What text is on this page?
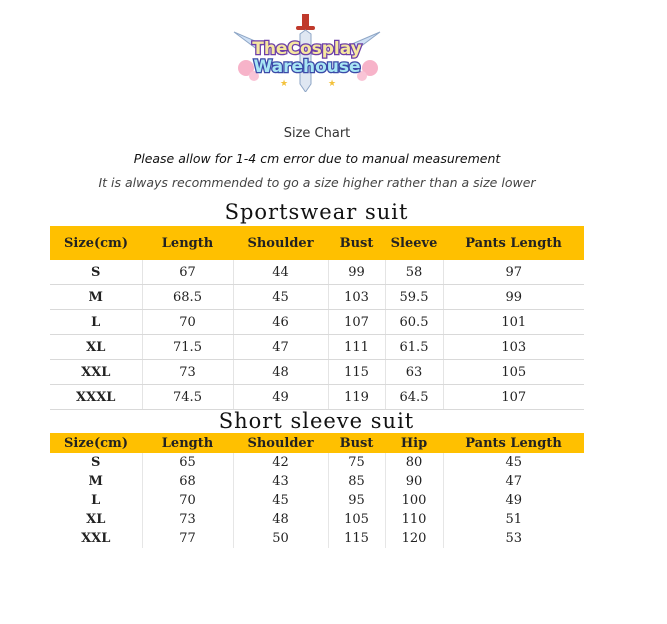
★	★
TheCosplay
Warehouse
Size Chart
Please allow for 1-4 cm error due to manual measurement
It is always recommended to go a size higher rather than a size lower
Sportswear suit
Size(cm)	Length	Shoulder	Bust	Sleeve	Pants Length
S	67	44	99	58	97
M	68.5	45	103	59.5	99
L	70	46	107	60.5	101
XL	71.5	47	111	61.5	103
XXL	73	48	115	63	105
XXXL	74.5	49	119	64.5	107
Short sleeve suit
Size(cm)	Length	Shoulder	Bust	Hip	Pants Length
S	65	42	75	80	45
M	68	43	85	90	47
L	70	45	95	100	49
XL	73	48	105	110	51
XXL	77	50	115	120	53
